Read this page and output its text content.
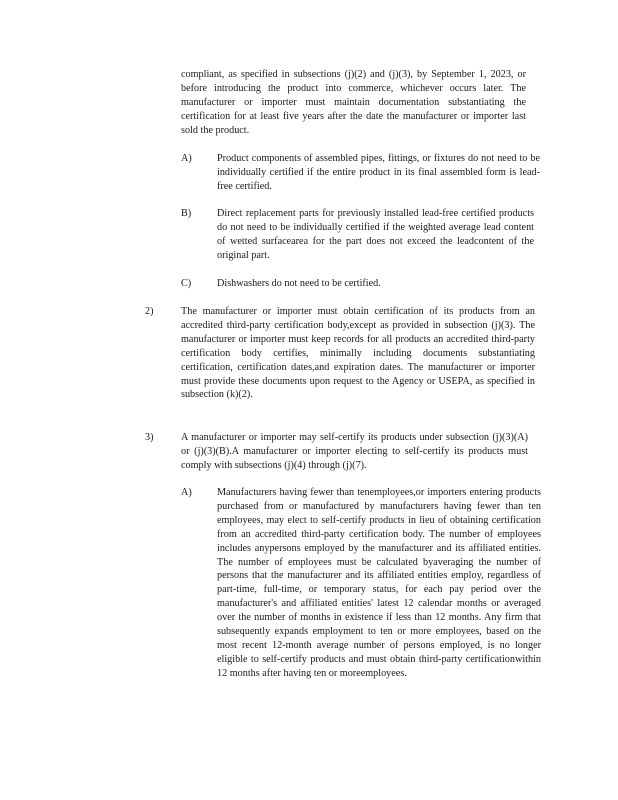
compliant, as specified in subsections (j)(2) and (j)(3), by September 1, 2023, or before introducing the product into commerce, whichever occurs later. The manufacturer or importer must maintain documentation substantiating the certification for at least five years after the date the manufacturer or importer last sold the product.

A) Product components of assembled pipes, fittings, or fixtures do not need to be individually certified if the entire product in its final assembled form is lead-free certified.

B)	Direct replacement parts for previously installed lead-free certified products do not need to be individually certified if the weighted average lead content of wetted surfacearea for the part does not exceed the leadcontent of the original part.

C)	Dishwashers do not need to be certified.

2)	The manufacturer or importer must obtain certification of its products from an accredited third-party certification body,except as provided in subsection (j)(3). The manufacturer or importer must keep records for all products an accredited third-party certification body certifies, minimally including documents substantiating certification, certification dates,and expiration dates. The manufacturer or importer must provide these documents upon request to the Agency or USEPA, as specified in subsection (k)(2).

3)	A manufacturer or importer may self-certify its products under subsection (j)(3)(A) or (j)(3)(B).A manufacturer or importer electing to self-certify its products must comply with subsections (j)(4) through (j)(7).

A) Manufacturers having fewer than tenemployees,or importers entering products purchased from or manufactured by manufacturers having fewer than ten employees, may elect to self-certify products in lieu of obtaining certification from an accredited third-party certification body. The number of employees includes anypersons employed by the manufacturer and its affiliated entities. The number of employees must be calculated byaveraging the number of persons that the manufacturer and its affiliated entities employ, regardless of part-time, full-time, or temporary status, for each pay period over the manufacturer's and affiliated entities' latest 12 calendar months or averaged over the number of months in existence if less than 12 months. Any firm that subsequently expands employment to ten or more employees, based on the most recent 12-month average number of persons employed, is no longer eligible to self-certify products and must obtain third-party certificationwithin 12 months after having ten or moreemployees.
